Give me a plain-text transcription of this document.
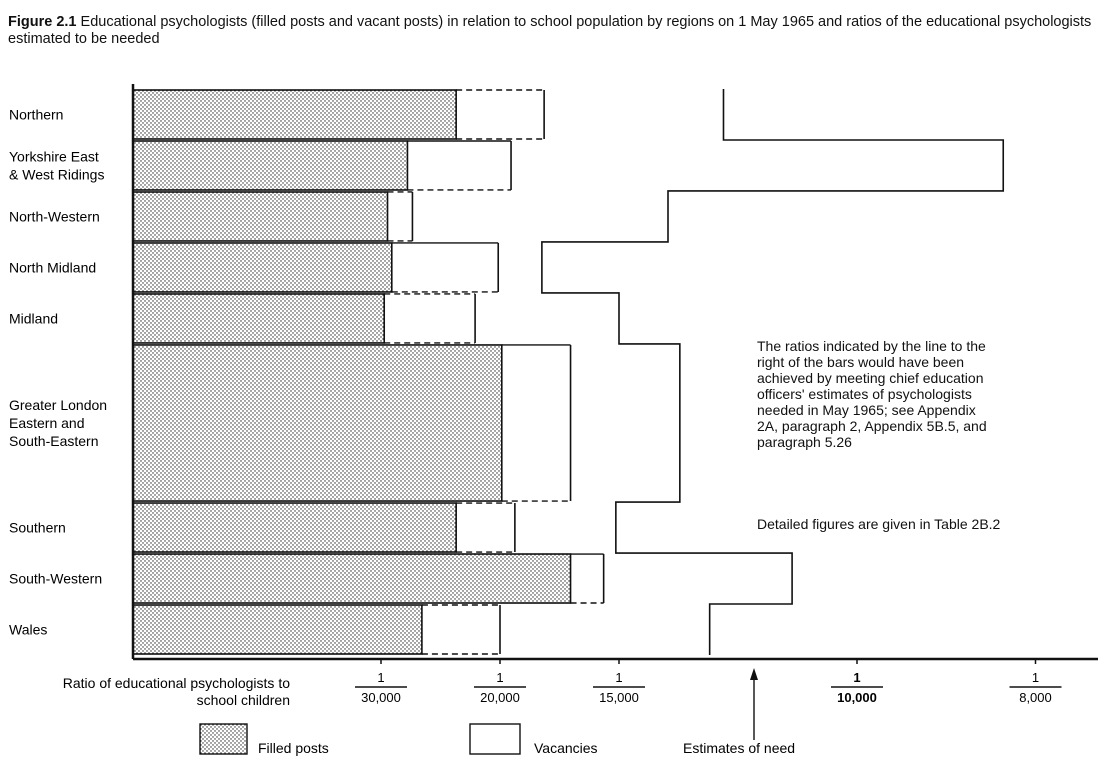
Figure 2.1 Educational psychologists (filled posts and vacant posts) in relation to school population by regions on 1 May 1965 and ratios of the educational psychologists estimated to be needed
Northern
Yorkshire East & West Ridings
North-Western
North Midland
Midland
Greater London Eastern and South-Eastern
Southern
South-Western
Wales
1
30,000
1
20,000
1
15,000
1
10,000
1
8,000
Ratio of educational psychologists to school children
Filled posts	Vacancies	Estimates of need
The ratios indicated by the line to the right of the bars would have been achieved by meeting chief education officers' estimates of psychologists needed in May 1965; see Appendix 2A, paragraph 2, Appendix 5B.5, and paragraph 5.26
Detailed figures are given in Table 2B.2
